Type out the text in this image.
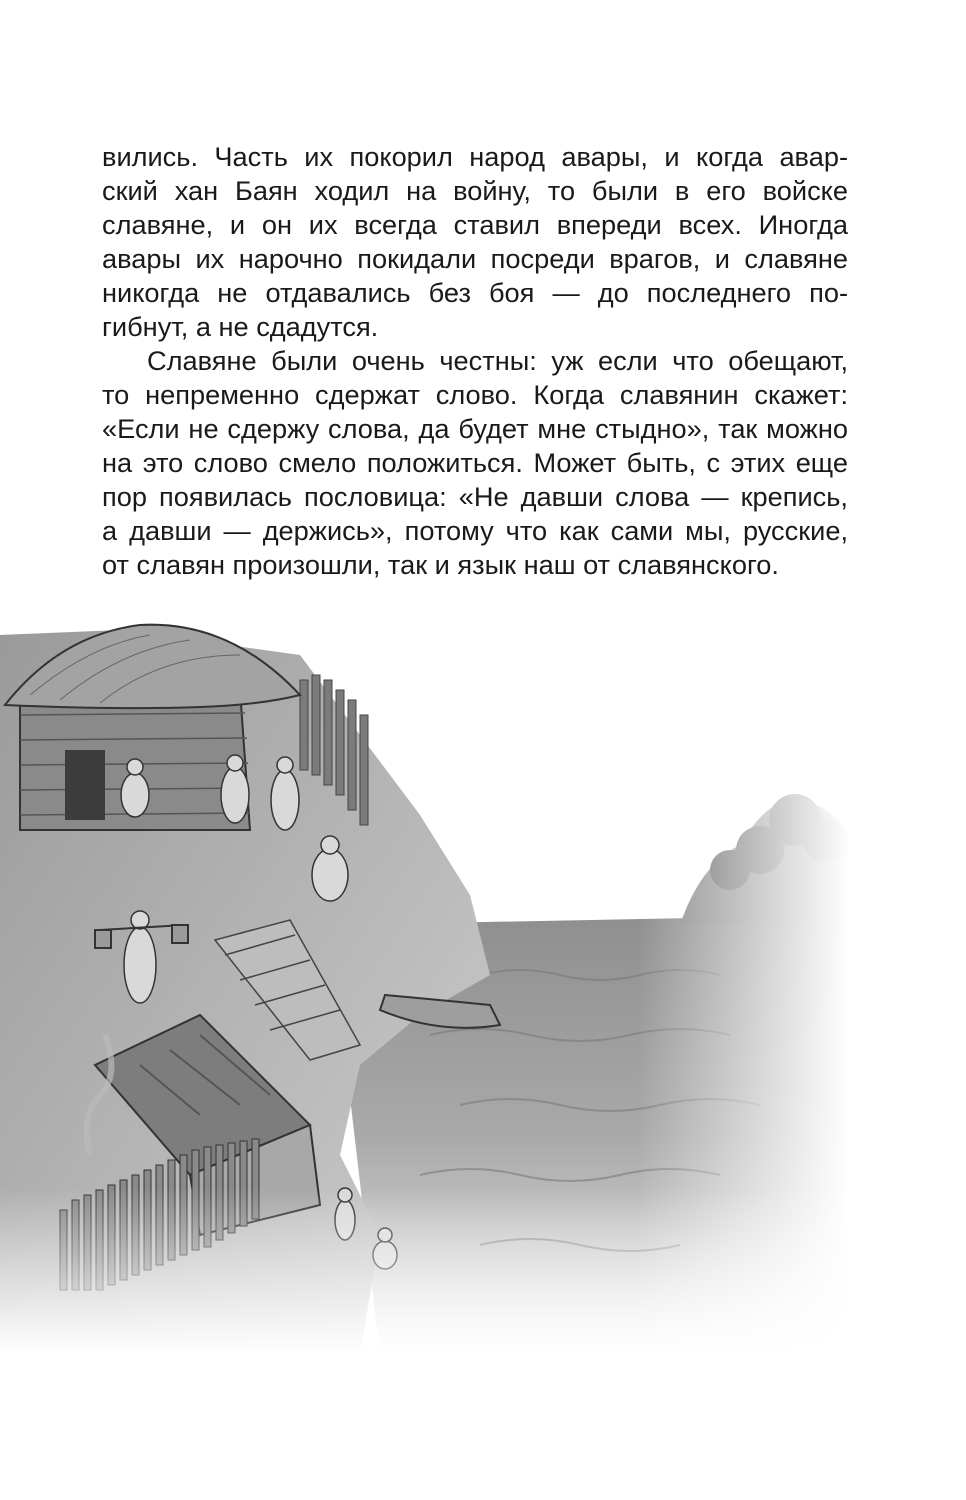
вились. Часть их покорил народ авары, и когда авар-
ский хан Баян ходил на войну, то были в его войске
славяне, и он их всегда ставил впереди всех. Иногда
авары их нарочно покидали посреди врагов, и славяне
никогда не отдавались без боя — до последнего по-
гибнут, а не сдадутся.

Славяне были очень честны: уж если что обещают,
то непременно сдержат слово. Когда славянин скажет:
«Если не сдержу слова, да будет мне стыдно», так можно
на это слово смело положиться. Может быть, с этих еще
пор появилась пословица: «Не давши слова — крепись,
а давши — держись», потому что как сами мы, русские,
от славян произошли, так и язык наш от славянского.
